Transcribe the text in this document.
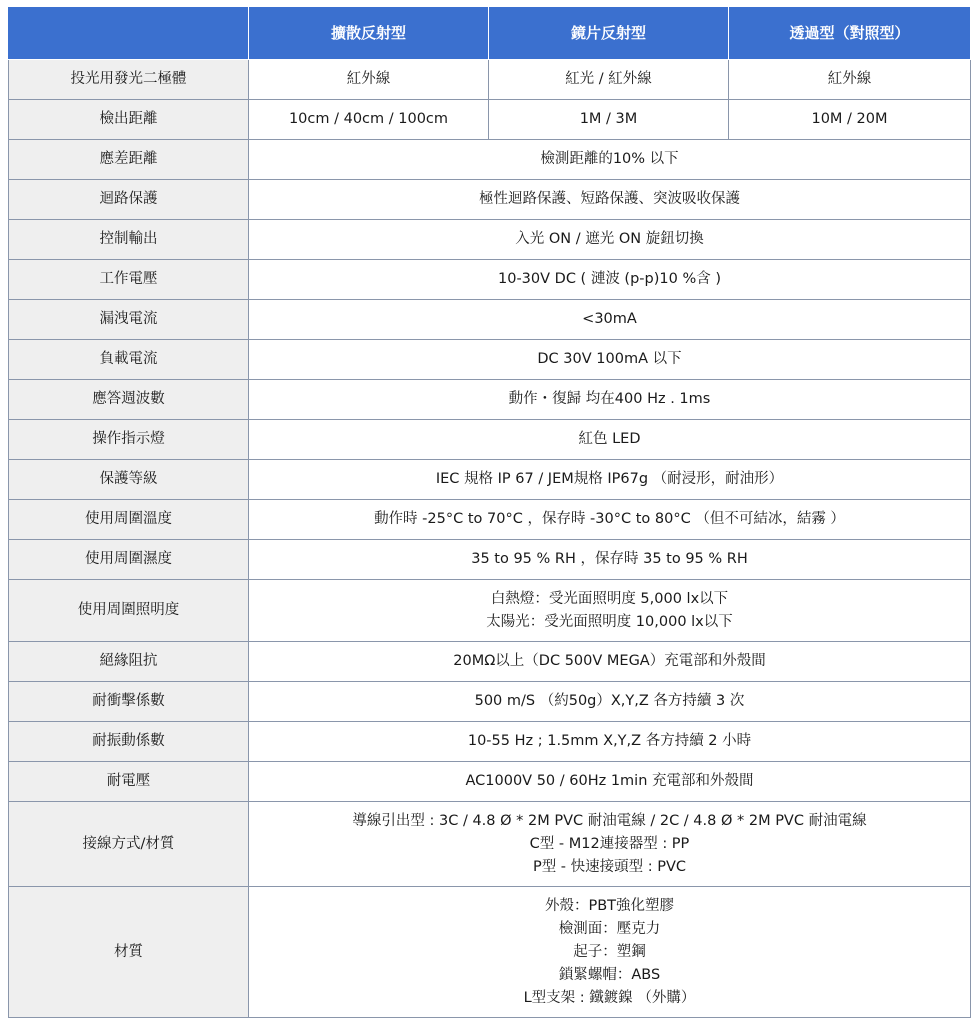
	擴散反射型	鏡片反射型	透過型（對照型）
投光用發光二極體	紅外線	紅光 / 紅外線	紅外線
檢出距離	10cm / 40cm / 100cm	1M / 3M	10M / 20M
應差距離	檢測距離的10% 以下		
迴路保護	極性迴路保護、短路保護、突波吸收保護		
控制輸出	入光 ON / 遮光 ON 旋鈕切換		
工作電壓	10-30V DC ( 漣波 (p-p)10 %含 )		
漏洩電流	<30mA		
負載電流	DC 30V 100mA 以下		
應答週波數	動作・復歸 均在400 Hz . 1ms		
操作指示燈	紅色 LED		
保護等級	IEC 規格 IP 67 / JEM規格 IP67g （耐浸形，耐油形）		
使用周圍溫度	動作時 -25°C to 70°C ，保存時 -30°C to 80°C （但不可結冰，結霧 ）		
使用周圍濕度	35 to 95 % RH ，保存時 35 to 95 % RH		
使用周圍照明度	白熱燈：受光面照明度 5,000 lx以下
太陽光：受光面照明度 10,000 lx以下		

絕緣阻抗	20MΩ以上（DC 500V MEGA）充電部和外殼間		
耐衝擊係數	500 m/S （約50g）X,Y,Z 各方持續 3 次		
耐振動係數	10-55 Hz ; 1.5mm X,Y,Z 各方持續 2 小時		
耐電壓	AC1000V 50 / 60Hz 1min 充電部和外殼間		
接線方式/材質	導線引出型 : 3C / 4.8 Ø * 2M PVC 耐油電線 / 2C / 4.8 Ø * 2M PVC 耐油電線
C型 - M12連接器型 : PP
P型 - 快速接頭型 : PVC		

材質	外殼：PBT強化塑膠
檢測面：壓克力
起子：塑鋼
鎖緊螺帽：ABS
L型支架 : 鐵鍍鎳 （外購）		
